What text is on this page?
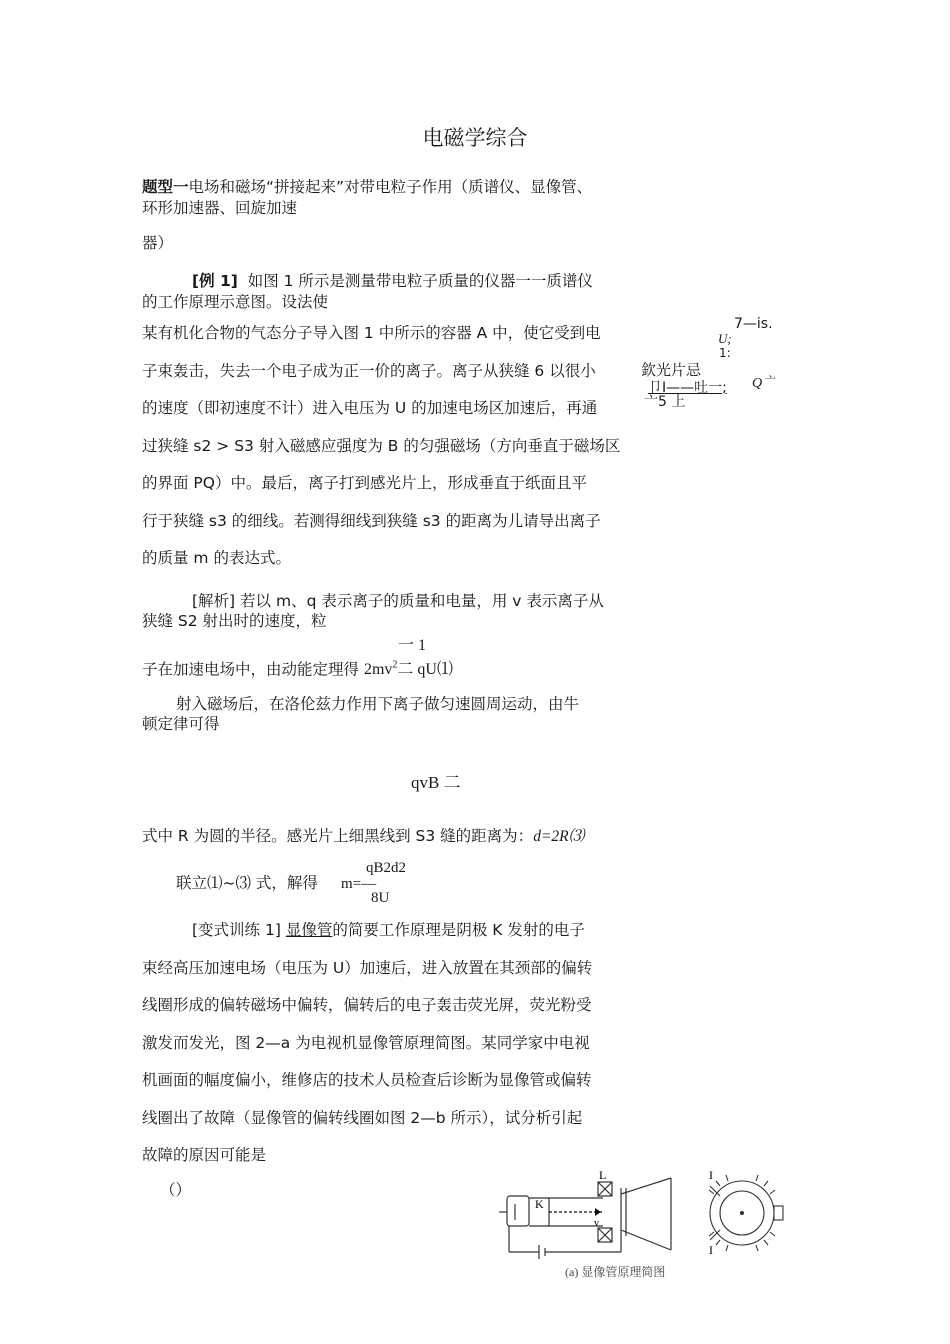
电磁学综合
题型一电场和磁场“拼接起来”对带电粒子作用（质谱仪、显像管、
环形加速器、回旋加速
器）
[例 1] 如图 1 所示是测量带电粒子质量的仪器一一质谱仪
的工作原理示意图。设法使
某有机化合物的气态分子导入图 1 中所示的容器 A 中，使它受到电
子束轰击，失去一个电子成为正一价的离子。离子从狭缝 6 以很小
的速度（即初速度不计）进入电压为 U 的加速电场区加速后，再通
过狭缝 s2 > S3 射入磁感应强度为 B 的匀强磁场（方向垂直于磁场区
的界面 PQ）中。最后，离子打到感光片上，形成垂直于纸面且平
行于狭缝 s3 的细线。若测得细线到狭缝 s3 的距离为儿请导出离子
的质量 m 的表达式。
7—is.
U;
1:
欽光片忌
卩I——吐一; Q 亠
亠5 上
[解析] 若以 m、q 表示离子的质量和电量，用 v 表示离子从
狭缝 S2 射出时的速度，粒
一 1
子在加速电场中，由动能定理得 $2mv^2$二 qU⑴
射入磁场后，在洛伦兹力作用下离子做匀速圆周运动，由牛
顿定律可得
qvB 二
式中 R 为圆的半径。感光片上细黑线到 S3 缝的距离为：d=2R⑶
联立⑴~⑶ 式，解得 m=—
qB2d2
8U
[变式训练 1] 显像管的简要工作原理是阴极 K 发射的电子
束经高压加速电场（电压为 U）加速后，进入放置在其颈部的偏转
线圈形成的偏转磁场中偏转，偏转后的电子轰击荧光屏，荧光粉受
激发而发光，图 2—a 为电视机显像管原理简图。某同学家中电视
机画面的幅度偏小，维修店的技术人员检查后诊断为显像管或偏转
线圈出了故障（显像管的偏转线圈如图 2—b 所示），试分析引起
故障的原因可能是
（）
K
L
v
(a) 显像管原理简图
I
I
